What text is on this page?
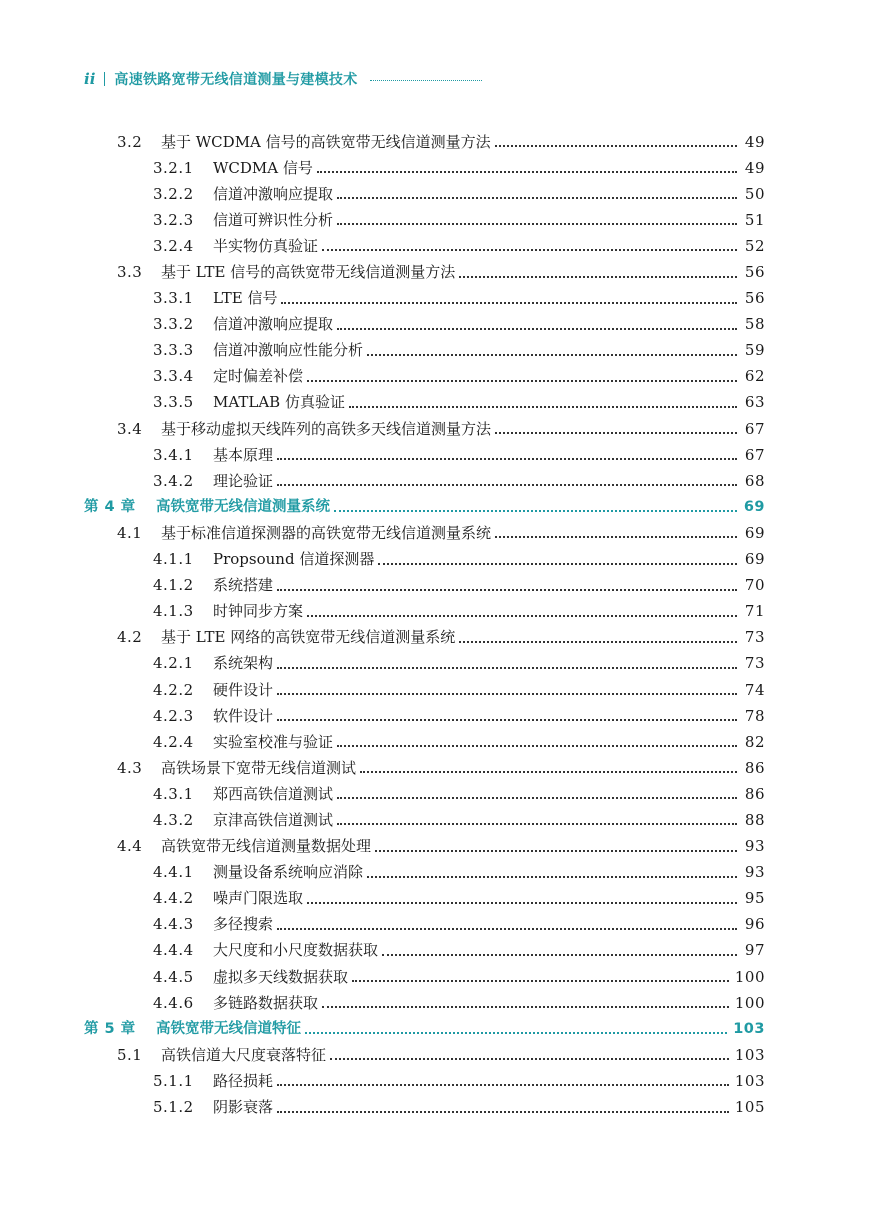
ii 高速铁路宽带无线信道测量与建模技术
3.2	基于 WCDMA 信号的高铁宽带无线信道测量方法	49
3.2.1	WCDMA 信号	49
3.2.2	信道冲激响应提取	50
3.2.3	信道可辨识性分析	51
3.2.4	半实物仿真验证	52
3.3	基于 LTE 信号的高铁宽带无线信道测量方法	56
3.3.1	LTE 信号	56
3.3.2	信道冲激响应提取	58
3.3.3	信道冲激响应性能分析	59
3.3.4	定时偏差补偿	62
3.3.5	MATLAB 仿真验证	63
3.4	基于移动虚拟天线阵列的高铁多天线信道测量方法	67
3.4.1	基本原理	67
3.4.2	理论验证	68
第 4 章	高铁宽带无线信道测量系统	69
4.1	基于标准信道探测器的高铁宽带无线信道测量系统	69
4.1.1	Propsound 信道探测器	69
4.1.2	系统搭建	70
4.1.3	时钟同步方案	71
4.2	基于 LTE 网络的高铁宽带无线信道测量系统	73
4.2.1	系统架构	73
4.2.2	硬件设计	74
4.2.3	软件设计	78
4.2.4	实验室校准与验证	82
4.3	高铁场景下宽带无线信道测试	86
4.3.1	郑西高铁信道测试	86
4.3.2	京津高铁信道测试	88
4.4	高铁宽带无线信道测量数据处理	93
4.4.1	测量设备系统响应消除	93
4.4.2	噪声门限选取	95
4.4.3	多径搜索	96
4.4.4	大尺度和小尺度数据获取	97
4.4.5	虚拟多天线数据获取	100
4.4.6	多链路数据获取	100
第 5 章	高铁宽带无线信道特征	103
5.1	高铁信道大尺度衰落特征	103
5.1.1	路径损耗	103
5.1.2	阴影衰落	105
